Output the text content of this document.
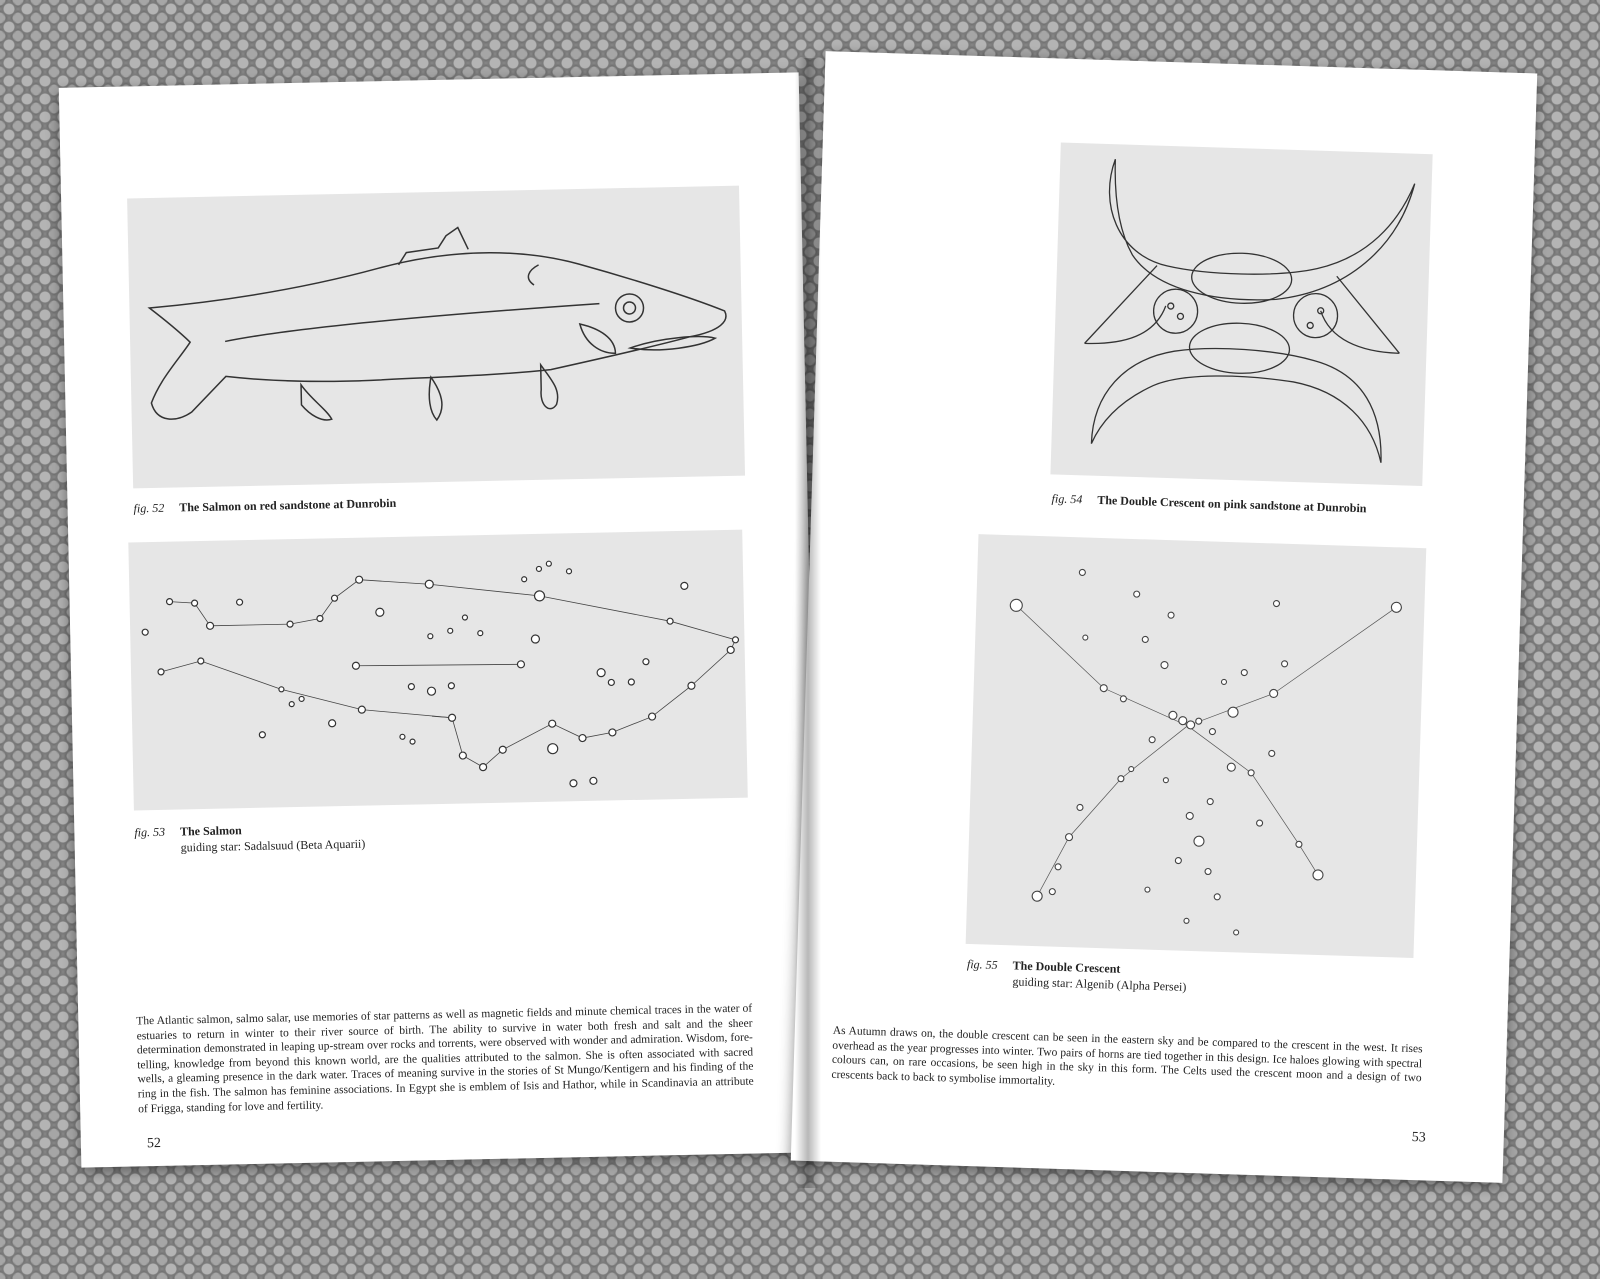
fig. 52 The Salmon on red sandstone at Dunrobin
fig. 53 The Salmon
guiding star: Sadalsuud (Beta Aquarii)

The Atlantic salmon, salmo salar, use memories of star patterns as well as magnetic fields and minute chemical traces in the water of estuaries to return in winter to their river source of birth. The ability to survive in water both fresh and salt and the sheer determination demonstrated in leaping up-stream over rocks and torrents, were observed with wonder and admiration. Wisdom, fore-telling, knowledge from beyond this known world, are the qualities attributed to the salmon. She is often associated with sacred wells, a gleaming presence in the dark water. Traces of meaning survive in the stories of St Mungo/Kentigern and his finding of the ring in the fish. The salmon has feminine associations. In Egypt she is emblem of Isis and Hathor, while in Scandinavia an attribute of Frigga, standing for love and fertility.

52
fig. 54 The Double Crescent on pink sandstone at Dunrobin
fig. 55 The Double Crescent
guiding star: Algenib (Alpha Persei)

As Autumn draws on, the double crescent can be seen in the eastern sky and be compared to the crescent in the west. It rises overhead as the year progresses into winter. Two pairs of horns are tied together in this design. Ice haloes glowing with spectral colours can, on rare occasions, be seen high in the sky in this form. The Celts used the crescent moon and a design of two crescents back to back to symbolise immortality.

53
